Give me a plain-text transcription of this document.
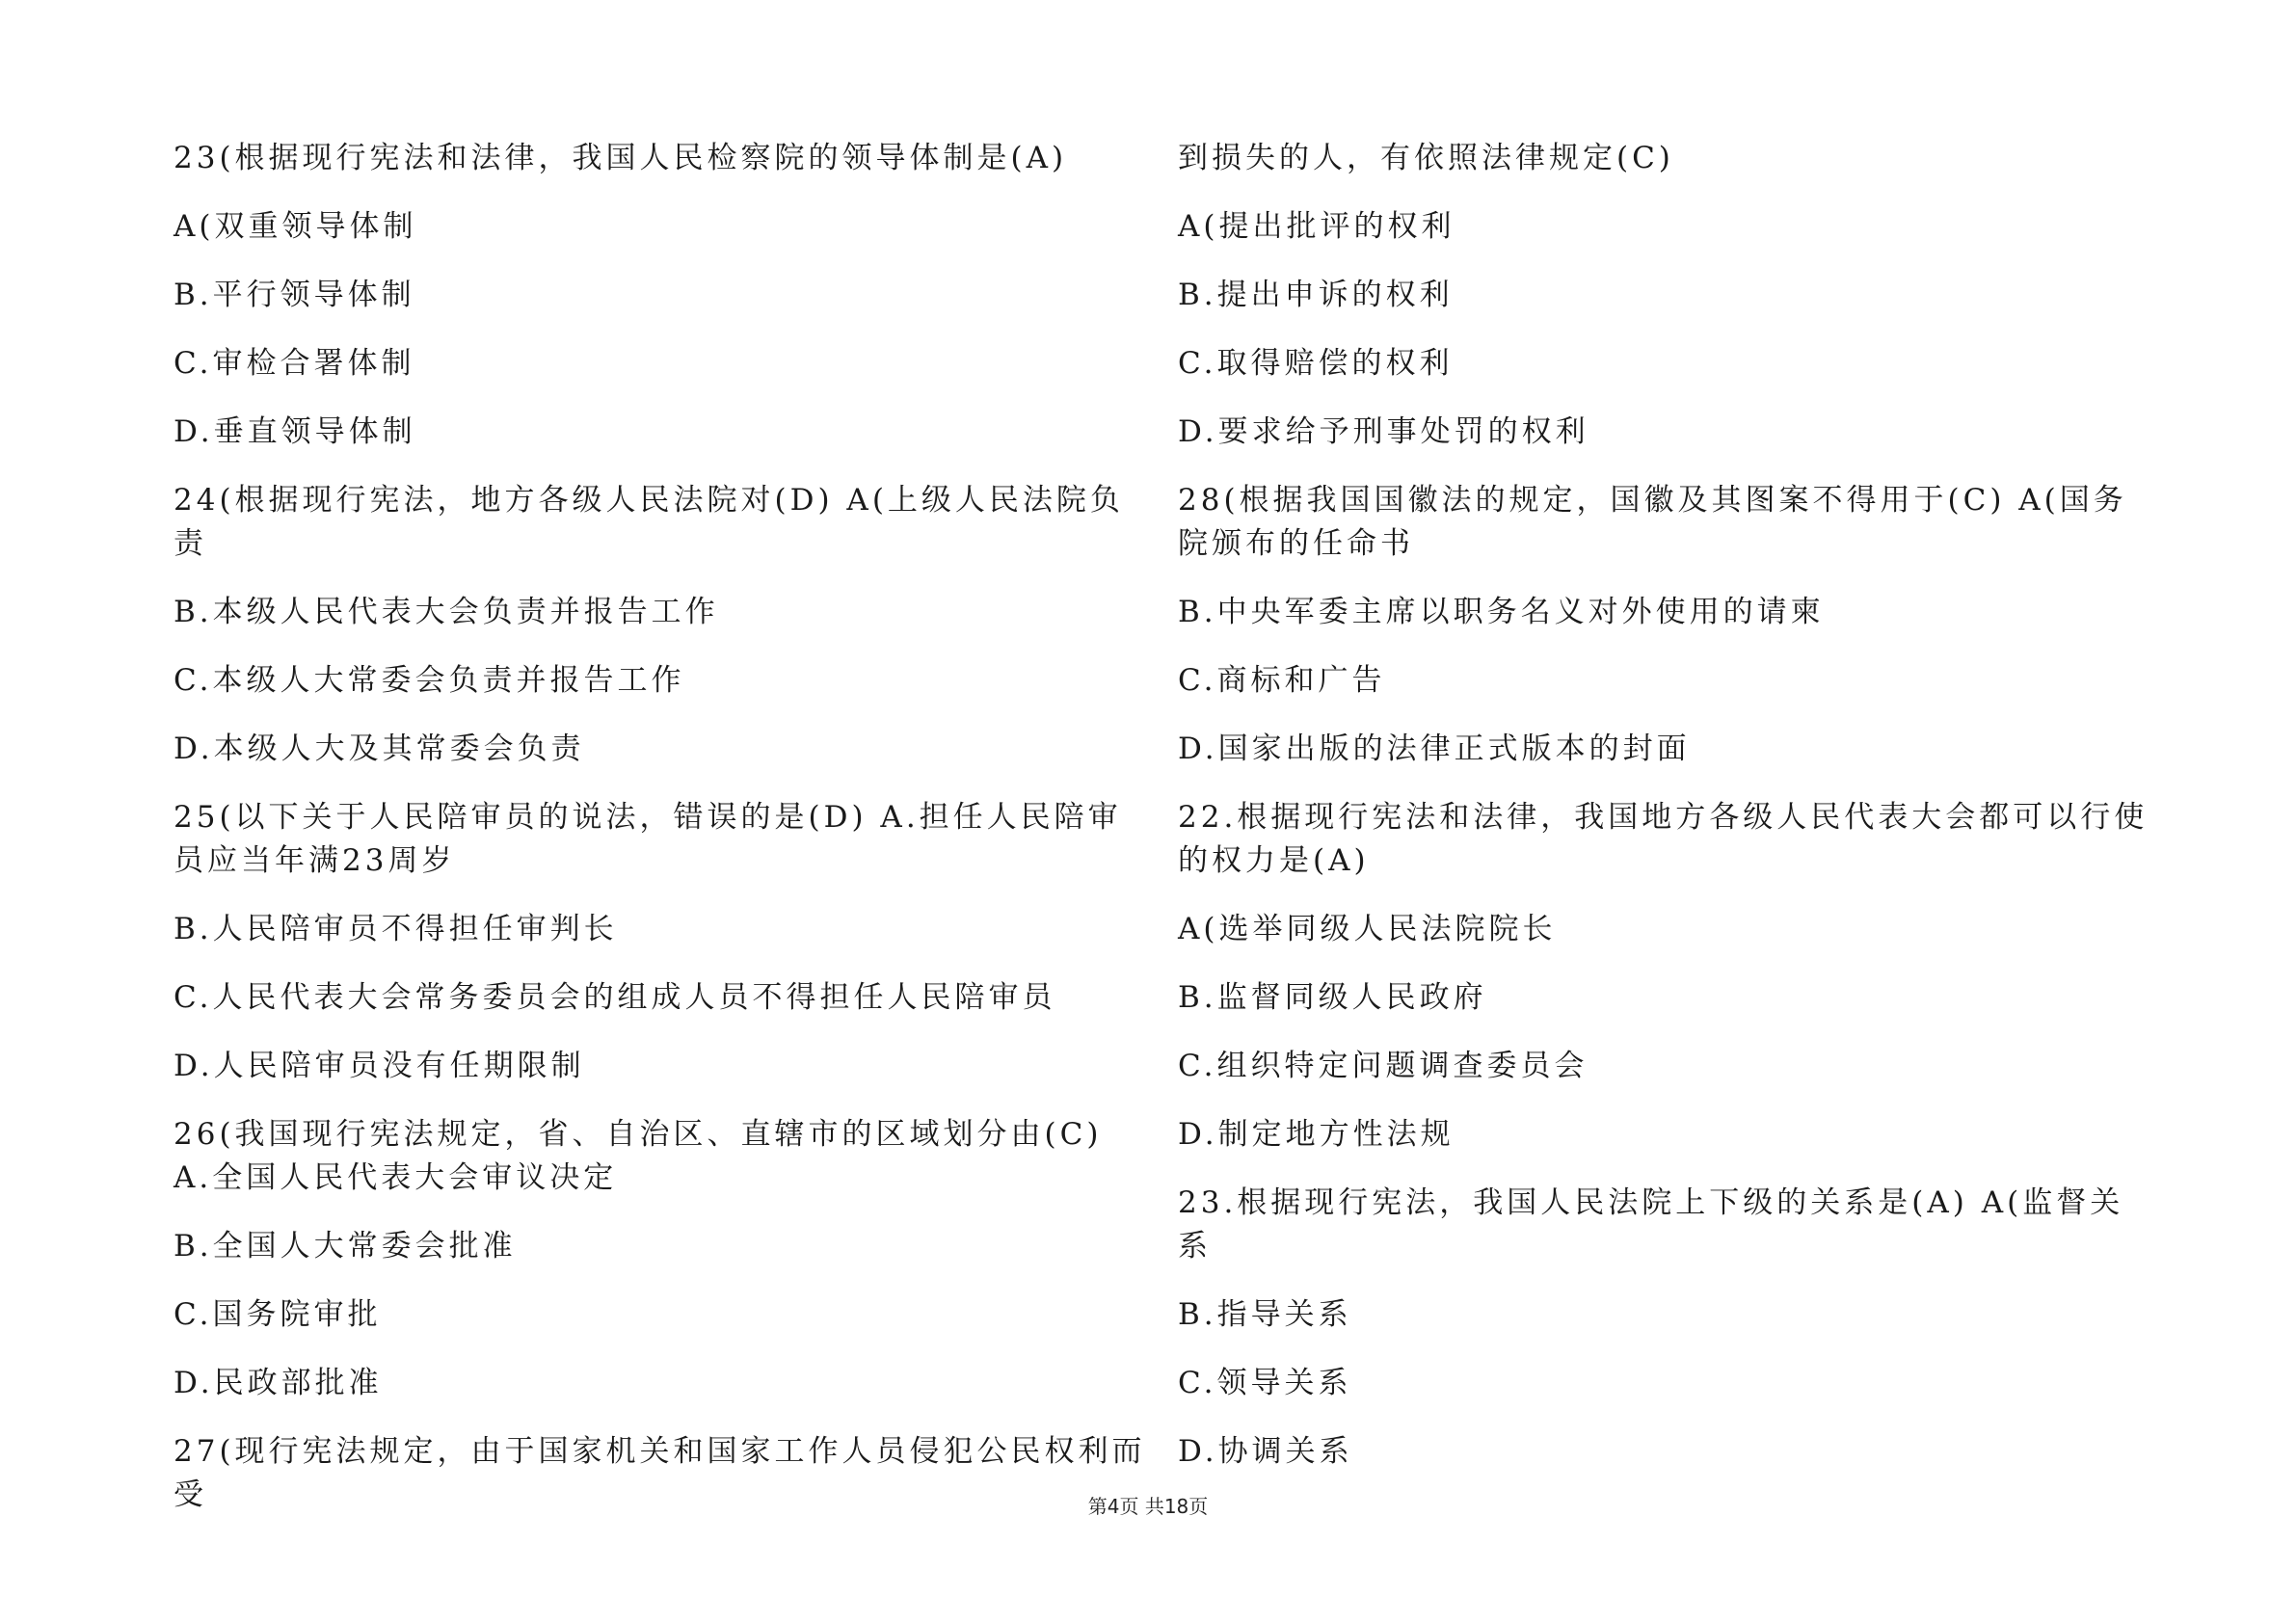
23(根据现行宪法和法律，我国人民检察院的领导体制是(A)

A(双重领导体制

B.平行领导体制

C.审检合署体制

D.垂直领导体制

24(根据现行宪法，地方各级人民法院对(D) A(上级人民法院负责

B.本级人民代表大会负责并报告工作

C.本级人大常委会负责并报告工作

D.本级人大及其常委会负责

25(以下关于人民陪审员的说法，错误的是(D) A.担任人民陪审员应当年满23周岁

B.人民陪审员不得担任审判长

C.人民代表大会常务委员会的组成人员不得担任人民陪审员

D.人民陪审员没有任期限制

26(我国现行宪法规定，省、自治区、直辖市的区域划分由(C) A.全国人民代表大会审议决定

B.全国人大常委会批准

C.国务院审批

D.民政部批准

27(现行宪法规定，由于国家机关和国家工作人员侵犯公民权利而受

到损失的人，有依照法律规定(C)

A(提出批评的权利

B.提出申诉的权利

C.取得赔偿的权利

D.要求给予刑事处罚的权利

28(根据我国国徽法的规定，国徽及其图案不得用于(C) A(国务院颁布的任命书

B.中央军委主席以职务名义对外使用的请柬

C.商标和广告

D.国家出版的法律正式版本的封面

22.根据现行宪法和法律，我国地方各级人民代表大会都可以行使的权力是(A)

A(选举同级人民法院院长

B.监督同级人民政府

C.组织特定问题调查委员会

D.制定地方性法规

23.根据现行宪法，我国人民法院上下级的关系是(A) A(监督关系

B.指导关系

C.领导关系

D.协调关系

第4页 共18页
